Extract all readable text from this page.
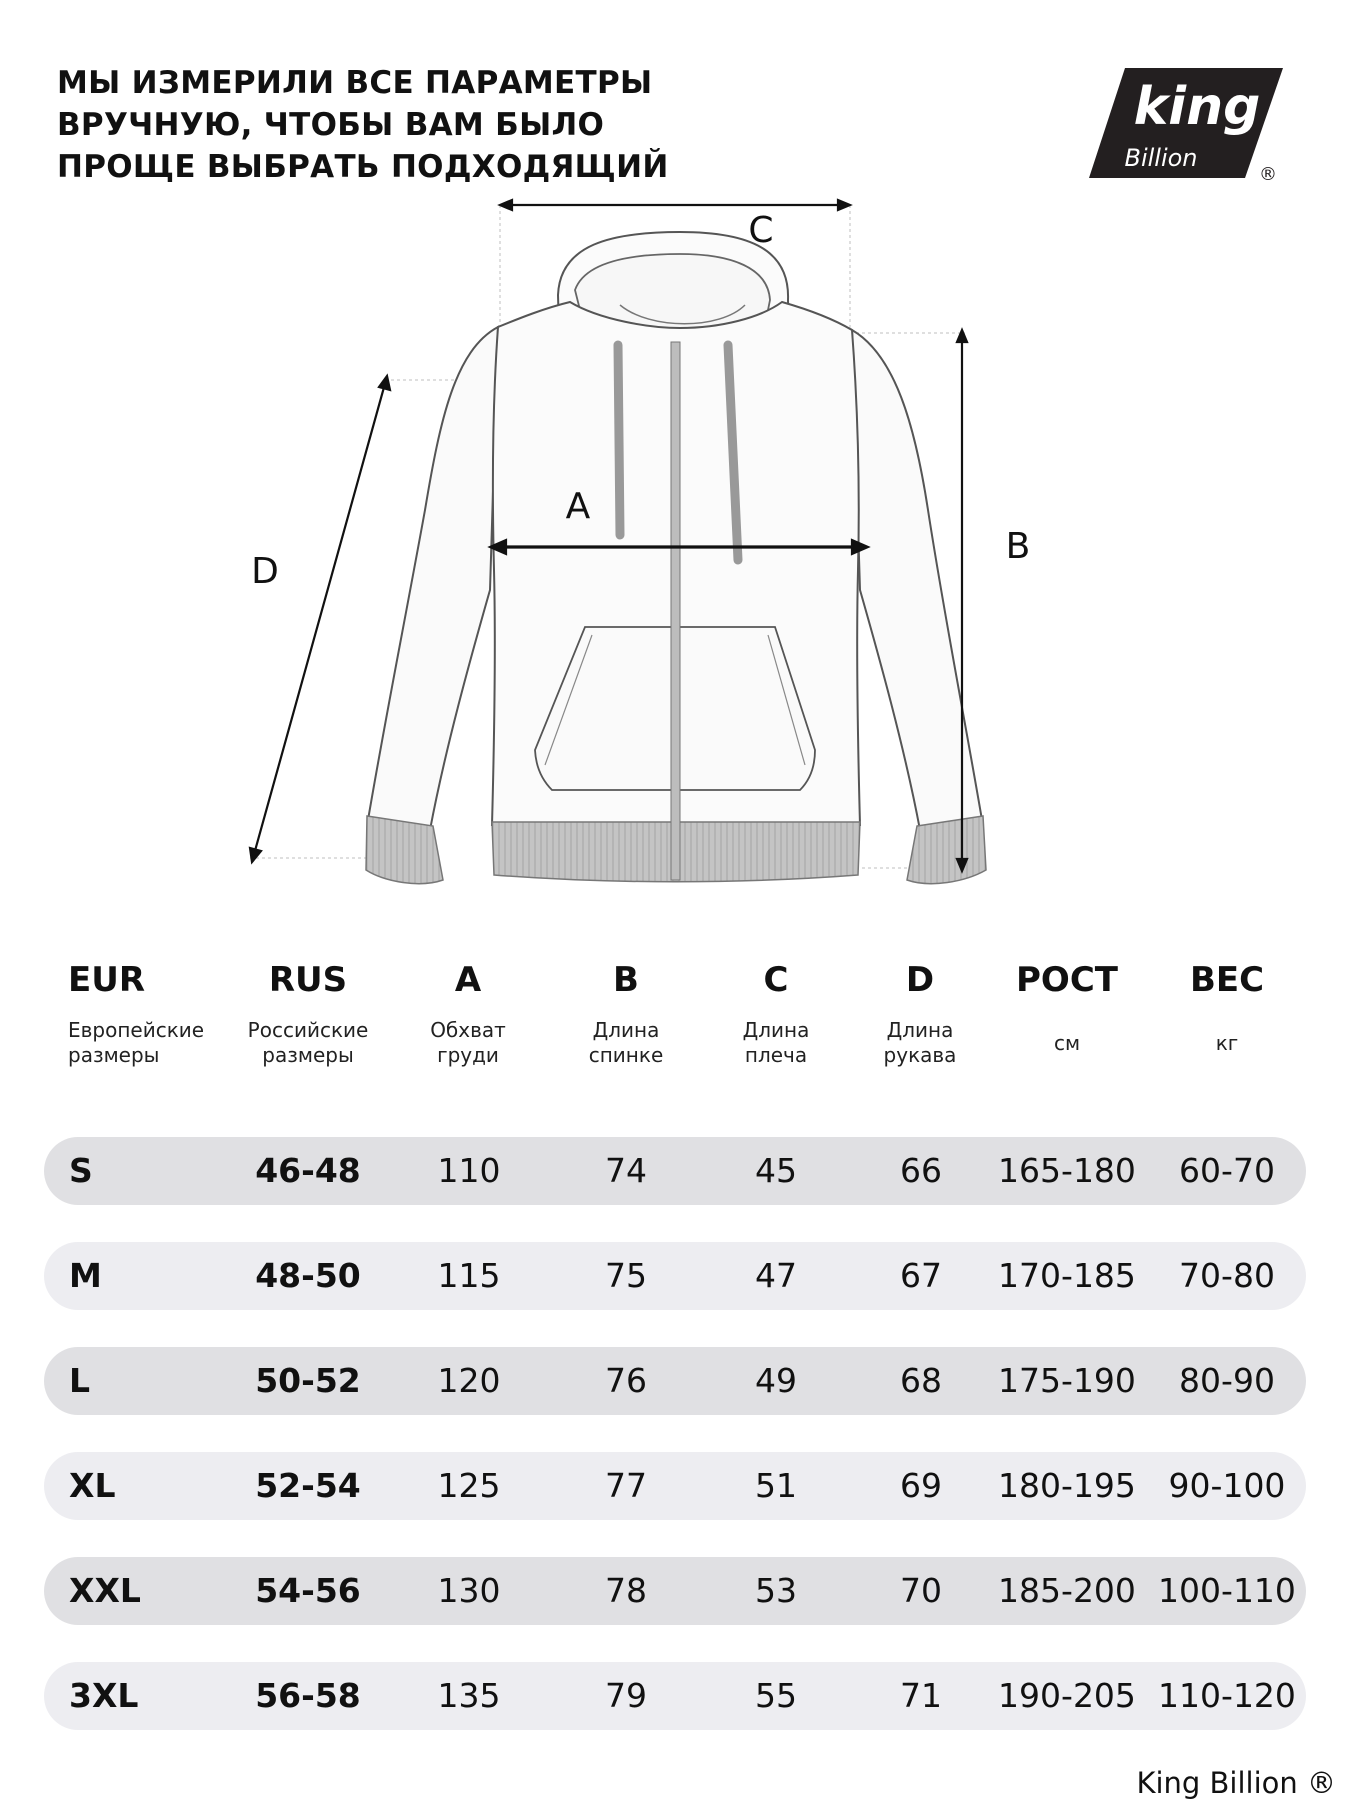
МЫ ИЗМЕРИЛИ ВСЕ ПАРАМЕТРЫ
ВРУЧНУЮ, ЧТОБЫ ВАМ БЫЛО
ПРОЩЕ ВЫБРАТЬ ПОДХОДЯЩИЙ
king
Billion
®
C
A
B
D
EUR
Европейские
размеры
RUS
Российские
размеры
A
Обхват
груди
B
Длина
спинке
C
Длина
плеча
D
Длина
рукава
РОСТ
см
ВЕС
кг
S	46-48	110	74	45	66	165-180	60-70
M	48-50	115	75	47	67	170-185	70-80
L	50-52	120	76	49	68	175-190	80-90
XL	52-54	125	77	51	69	180-195 90-100
XXL	54-56	130	78	53	70	185-200 100-110
3XL	56-58	135	79	55	71	190-205 110-120
King Billion ®
